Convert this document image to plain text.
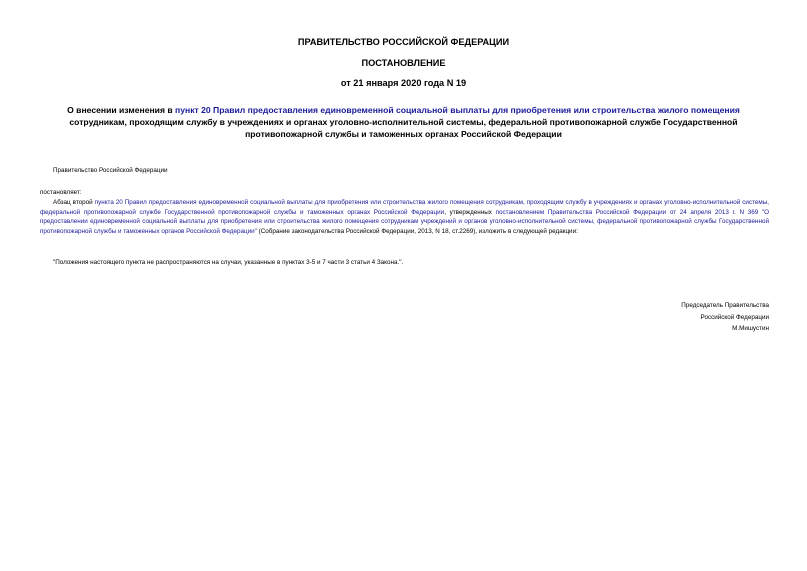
ПРАВИТЕЛЬСТВО РОССИЙСКОЙ ФЕДЕРАЦИИ
ПОСТАНОВЛЕНИЕ
от 21 января 2020 года N 19
О внесении изменения в пункт 20 Правил предоставления единовременной социальной выплаты для приобретения или строительства жилого помещения сотрудникам, проходящим службу в учреждениях и органах уголовно-исполнительной системы, федеральной противопожарной службе Государственной противопожарной службы и таможенных органах Российской Федерации
Правительство Российской Федерации
постановляет:
Абзац второй пункта 20 Правил предоставления единовременной социальной выплаты для приобретения или строительства жилого помещения сотрудникам, проходящим службу в учреждениях и органах уголовно-исполнительной системы, федеральной противопожарной службе Государственной противопожарной службы и таможенных органах Российской Федерации, утвержденных постановлением Правительства Российской Федерации от 24 апреля 2013 г. N 369 "О предоставлении единовременной социальной выплаты для приобретения или строительства жилого помещения сотрудникам учреждений и органов уголовно-исполнительной системы, федеральной противопожарной службы Государственной противопожарной службы и таможенных органов Российской Федерации" (Собрание законодательства Российской Федерации, 2013, N 18, ст.2269), изложить в следующей редакции:
"Положения настоящего пункта не распространяются на случаи, указанные в пунктах 3-5 и 7 части 3 статьи 4 Закона.".
Председатель Правительства
Российской Федерации
М.Мишустин
